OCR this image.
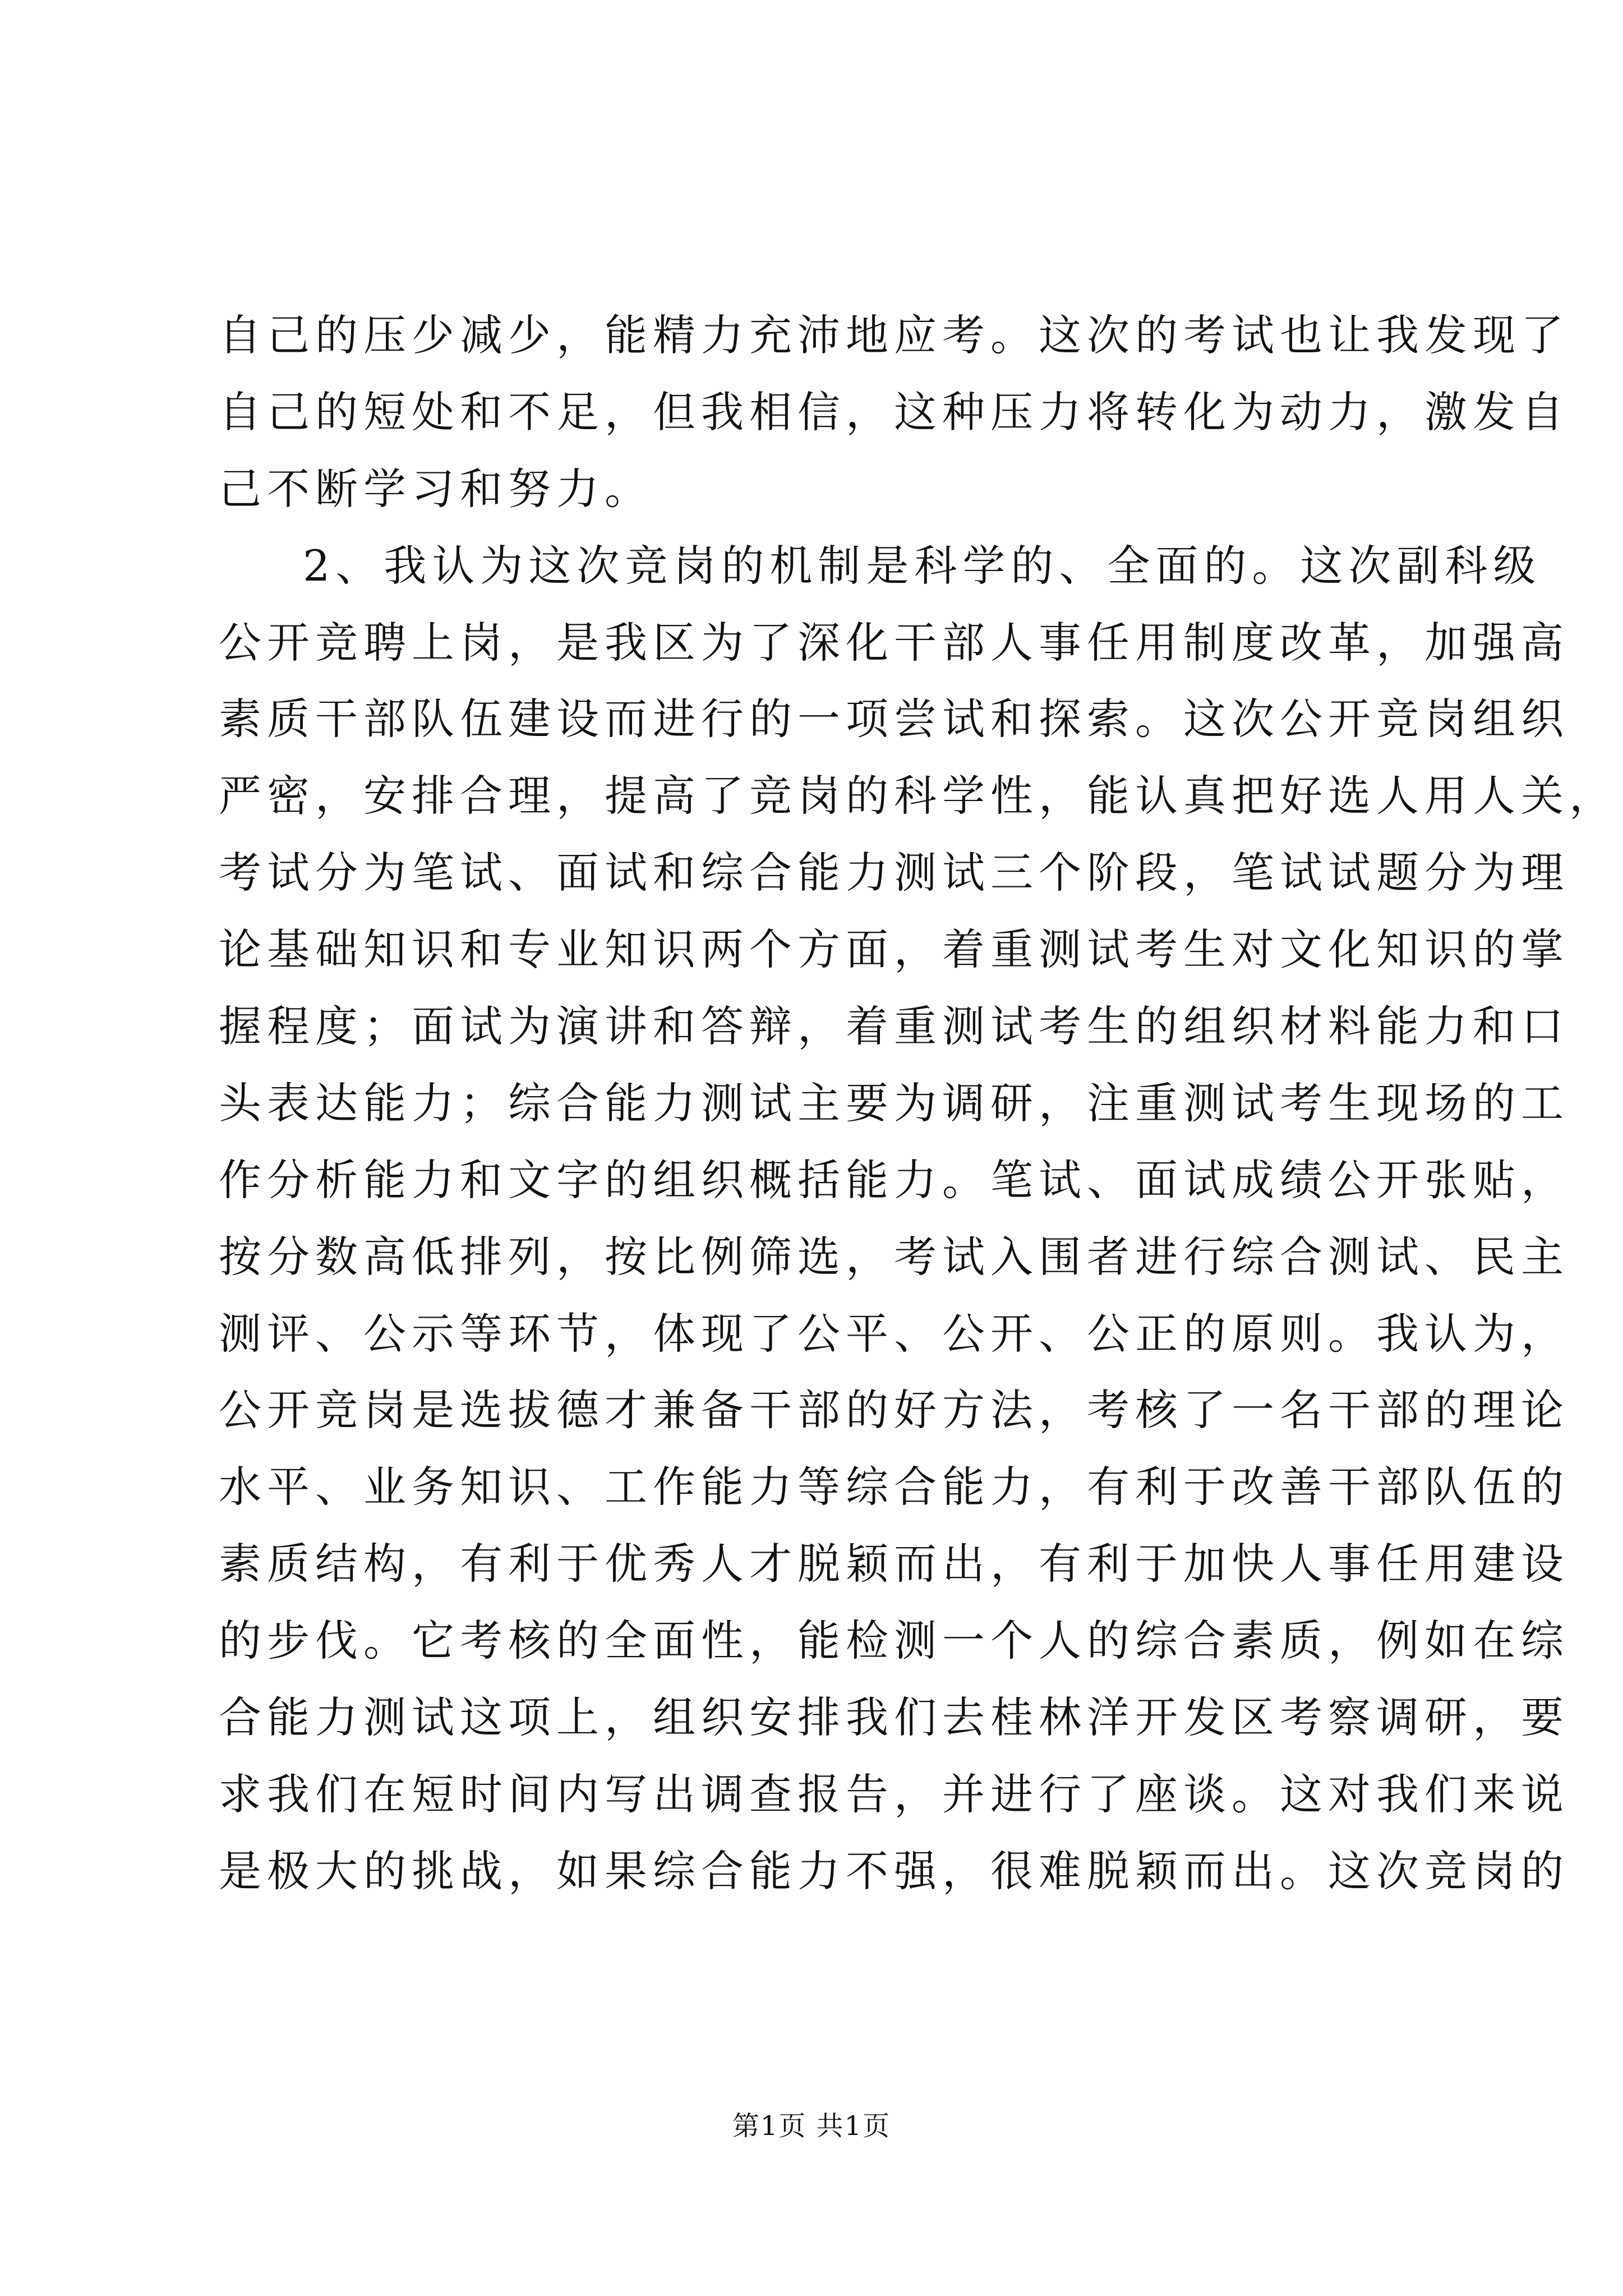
自己的压少减少，能精力充沛地应考。这次的考试也让我发现了
自己的短处和不足，但我相信，这种压力将转化为动力，激发自
己不断学习和努力。
2、我认为这次竞岗的机制是科学的、全面的。这次副科级
公开竞聘上岗，是我区为了深化干部人事任用制度改革，加强高
素质干部队伍建设而进行的一项尝试和探索。这次公开竞岗组织
严密，安排合理，提高了竞岗的科学性，能认真把好选人用人关，
考试分为笔试、面试和综合能力测试三个阶段，笔试试题分为理
论基础知识和专业知识两个方面，着重测试考生对文化知识的掌
握程度；面试为演讲和答辩，着重测试考生的组织材料能力和口
头表达能力；综合能力测试主要为调研，注重测试考生现场的工
作分析能力和文字的组织概括能力。笔试、面试成绩公开张贴，
按分数高低排列，按比例筛选，考试入围者进行综合测试、民主
测评、公示等环节，体现了公平、公开、公正的原则。我认为，
公开竞岗是选拔德才兼备干部的好方法，考核了一名干部的理论
水平、业务知识、工作能力等综合能力，有利于改善干部队伍的
素质结构，有利于优秀人才脱颖而出，有利于加快人事任用建设
的步伐。它考核的全面性，能检测一个人的综合素质，例如在综
合能力测试这项上，组织安排我们去桂林洋开发区考察调研，要
求我们在短时间内写出调查报告，并进行了座谈。这对我们来说
是极大的挑战，如果综合能力不强，很难脱颖而出。这次竞岗的
第1页 共1页
